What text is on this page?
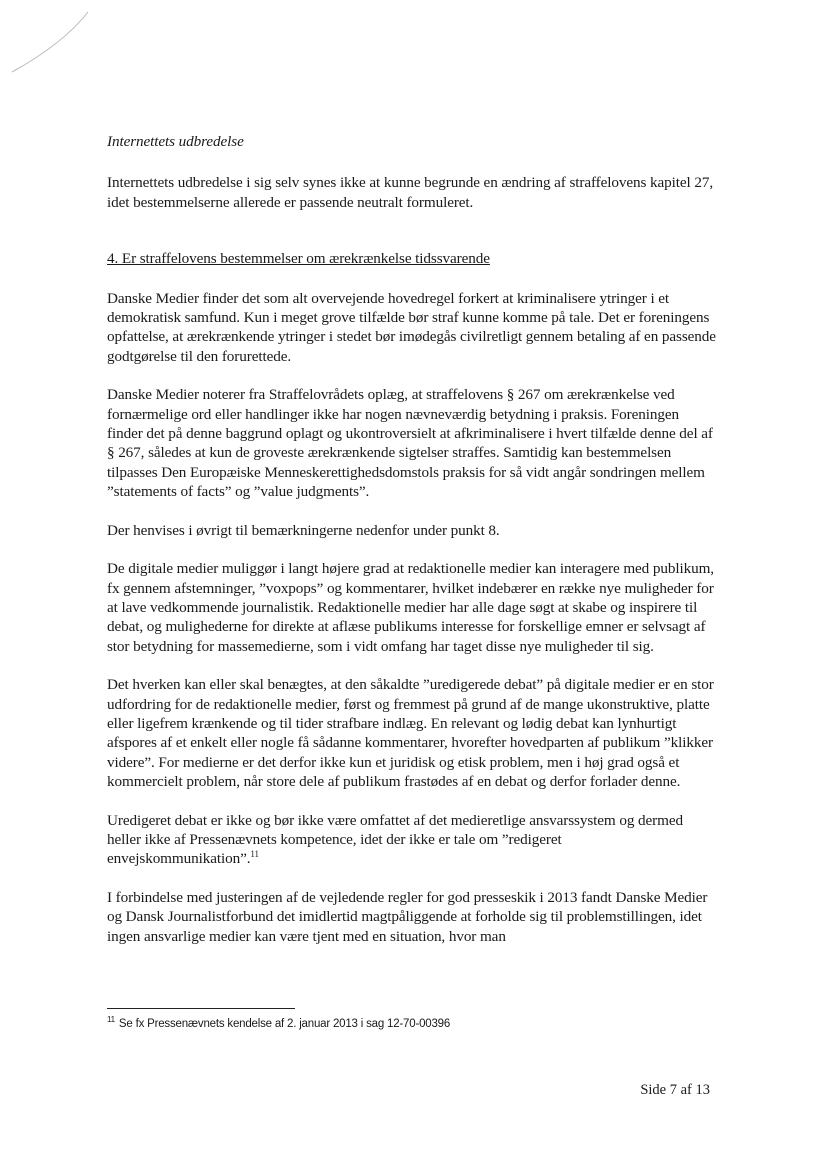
Internettets udbredelse

Internettets udbredelse i sig selv synes ikke at kunne begrunde en ændring af straffelovens kapitel 27, idet bestemmelserne allerede er passende neutralt formuleret.

4. Er straffelovens bestemmelser om ærekrænkelse tidssvarende

Danske Medier finder det som alt overvejende hovedregel forkert at kriminalisere ytringer i et demokratisk samfund. Kun i meget grove tilfælde bør straf kunne komme på tale. Det er foreningens opfattelse, at ærekrænkende ytringer i stedet bør imødegås civilretligt gennem betaling af en passende godtgørelse til den forurettede.

Danske Medier noterer fra Straffelovrådets oplæg, at straffelovens § 267 om ærekrænkelse ved fornærmelige ord eller handlinger ikke har nogen nævneværdig betydning i praksis. Foreningen finder det på denne baggrund oplagt og ukontroversielt at afkriminalisere i hvert tilfælde denne del af § 267, således at kun de groveste ærekrænkende sigtelser straffes. Samtidig kan bestemmelsen tilpasses Den Europæiske Menneskerettighedsdomstols praksis for så vidt angår sondringen mellem ”statements of facts” og ”value judgments”.

Der henvises i øvrigt til bemærkningerne nedenfor under punkt 8.

De digitale medier muliggør i langt højere grad at redaktionelle medier kan interagere med publikum, fx gennem afstemninger, ”voxpops” og kommentarer, hvilket indebærer en række nye muligheder for at lave vedkommende journalistik. Redaktionelle medier har alle dage søgt at skabe og inspirere til debat, og mulighederne for direkte at aflæse publikums interesse for forskellige emner er selvsagt af stor betydning for massemedierne, som i vidt omfang har taget disse nye muligheder til sig.

Det hverken kan eller skal benægtes, at den såkaldte ”uredigerede debat” på digitale medier er en stor udfordring for de redaktionelle medier, først og fremmest på grund af de mange ukonstruktive, platte eller ligefrem krænkende og til tider strafbare indlæg. En relevant og lødig debat kan lynhurtigt afspores af et enkelt eller nogle få sådanne kommentarer, hvorefter hovedparten af publikum ”klikker videre”. For medierne er det derfor ikke kun et juridisk og etisk problem, men i høj grad også et kommercielt problem, når store dele af publikum frastødes af en debat og derfor forlader denne.

Uredigeret debat er ikke og bør ikke være omfattet af det medieretlige ansvarssystem og dermed heller ikke af Pressenævnets kompetence, idet der ikke er tale om ”redigeret envejskommunikation”.$^{11}$

I forbindelse med justeringen af de vejledende regler for god presseskik i 2013 fandt Danske Medier og Dansk Journalistforbund det imidlertid magtpåliggende at forholde sig til problemstillingen, idet ingen ansvarlige medier kan være tjent med en situation, hvor man

$^{11}$ Se fx Pressenævnets kendelse af 2. januar 2013 i sag 12-70-00396
Side 7 af 13
